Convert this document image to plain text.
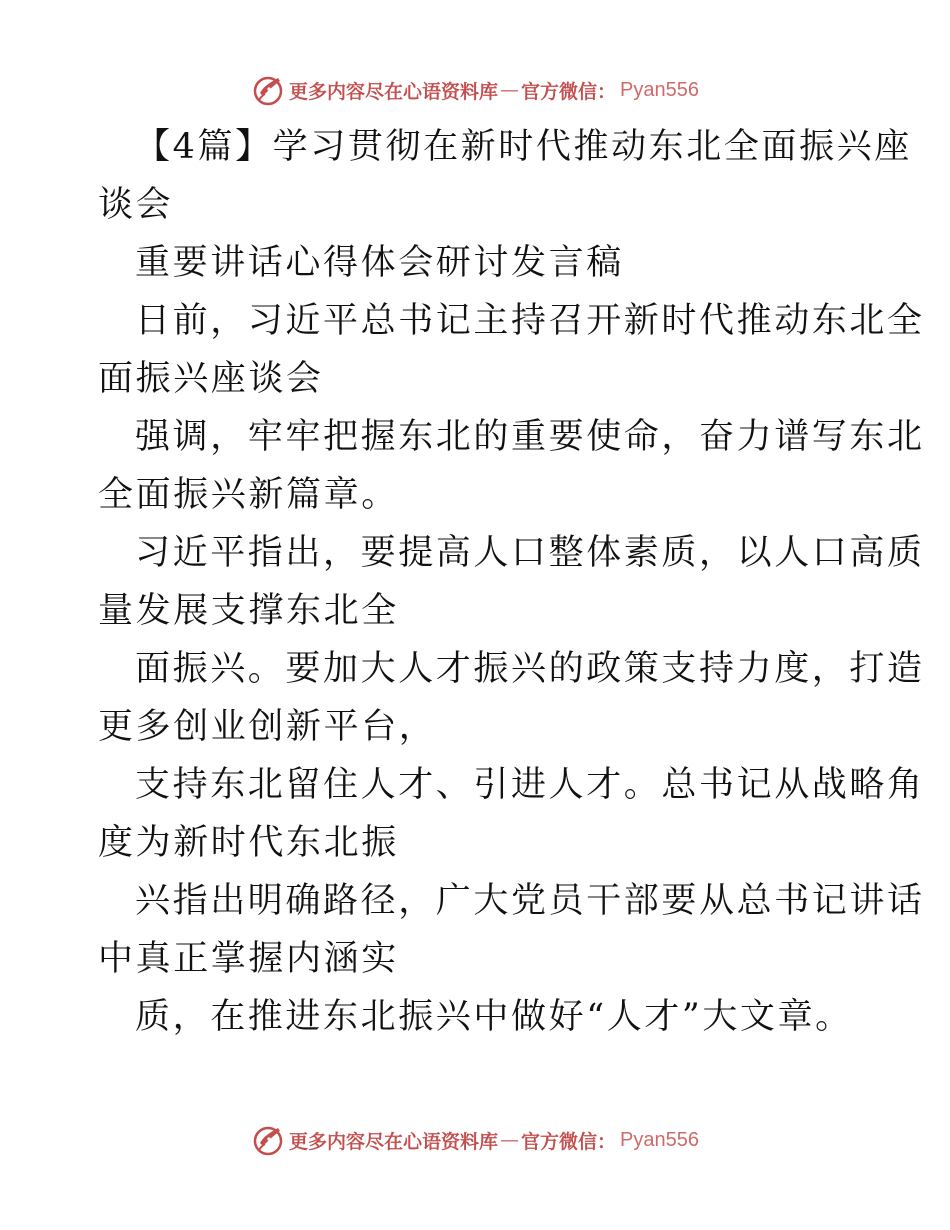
更多内容尽在心语资料库 — 官方微信： Pyan556
【4篇】学习贯彻在新时代推动东北全面振兴座
谈会
重要讲话心得体会研讨发言稿
日前，习近平总书记主持召开新时代推动东北全
面振兴座谈会
强调，牢牢把握东北的重要使命，奋力谱写东北
全面振兴新篇章。
习近平指出，要提高人口整体素质，以人口高质
量发展支撑东北全
面振兴。要加大人才振兴的政策支持力度，打造
更多创业创新平台，
支持东北留住人才、引进人才。总书记从战略角
度为新时代东北振
兴指出明确路径，广大党员干部要从总书记讲话
中真正掌握内涵实
质，在推进东北振兴中做好“人才”大文章。
更多内容尽在心语资料库 — 官方微信： Pyan556
